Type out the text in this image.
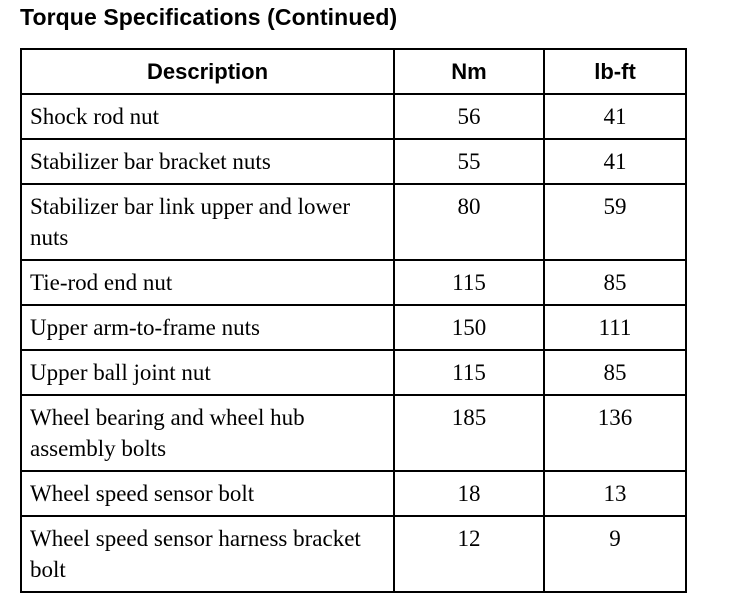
Torque Specifications (Continued)
Description	Nm	lb-ft
Shock rod nut	56	41
Stabilizer bar bracket nuts	55	41
Stabilizer bar link upper and lower nuts	80	59
Tie-rod end nut	115	85
Upper arm-to-frame nuts	150	111
Upper ball joint nut	115	85
Wheel bearing and wheel hub assembly bolts	185	136
Wheel speed sensor bolt	18	13
Wheel speed sensor harness bracket bolt	12	9
